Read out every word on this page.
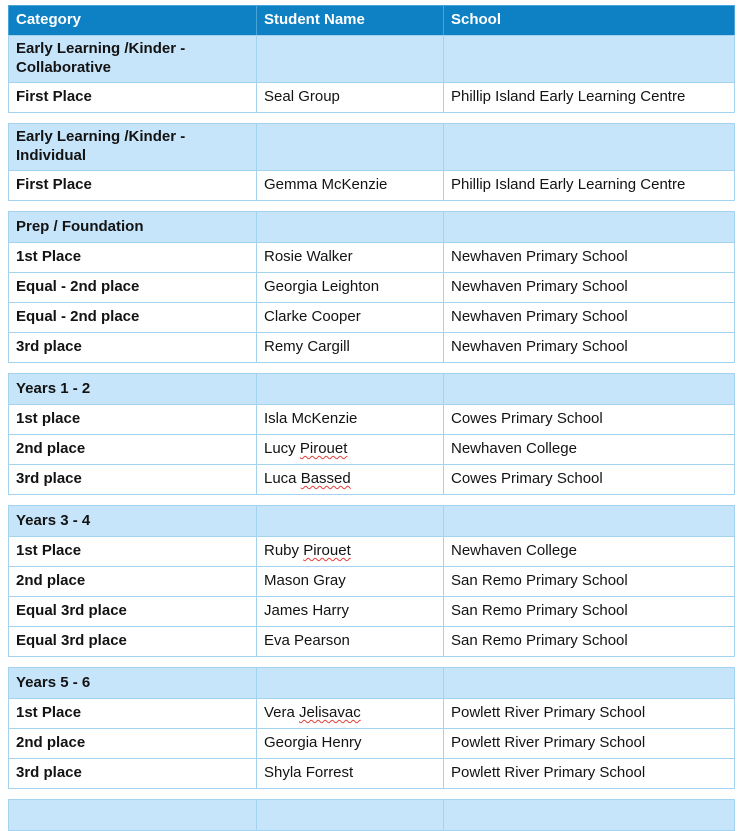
Category	Student Name	School
Early Learning /Kinder - Collaborative		
First Place	Seal Group	Phillip Island Early Learning Centre
Early Learning /Kinder - Individual		
First Place	Gemma McKenzie	Phillip Island Early Learning Centre
Prep / Foundation		
1st Place	Rosie Walker	Newhaven Primary School
Equal - 2nd place	Georgia Leighton	Newhaven Primary School
Equal - 2nd place	Clarke Cooper	Newhaven Primary School
3rd place	Remy Cargill	Newhaven Primary School
Years 1 - 2		
1st place	Isla McKenzie	Cowes Primary School
2nd place	Lucy Pirouet	Newhaven College
3rd place	Luca Bassed	Cowes Primary School
Years 3 - 4		
1st Place	Ruby Pirouet	Newhaven College
2nd place	Mason Gray	San Remo Primary School
Equal 3rd place	James Harry	San Remo Primary School
Equal 3rd place	Eva Pearson	San Remo Primary School
Years 5 - 6		
1st Place	Vera Jelisavac	Powlett River Primary School
2nd place	Georgia Henry	Powlett River Primary School
3rd place	Shyla Forrest	Powlett River Primary School
